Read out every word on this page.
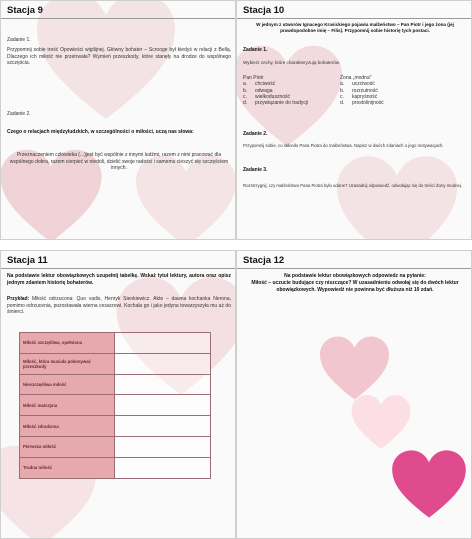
Stacja 9
Zadanie 1.
Przypomnij sobie treść Opowieści wigilijnej. Główny bohater – Scrooge był kiedyś w relacji z Bellą. Dlaczego ich miłość nie przetrwała? Wymień przeszkody, które stanęły na drodze do wspólnego szczęścia.
Zadanie 2.
Czego o relacjach międzyludzkich, w szczególności o miłości, uczą nas słowa:
Przeznaczeniem człowieka (...)jest być wspólnie z innymi ludźmi, razem z nimi pracować dla wspólnego dobra, razem cierpieć w niedoli, dzielić swoje radości i samemu cieszyć się szczęściem innych.
Stacja 10
W jednym z utworów Ignacego Krasickiego pojawia małżeństwo – Pan Piotr i jego żona (jej prawdopodobne imię – Filis). Przypomnij sobie historię tych postaci.
Zadanie 1.
Wybierz cechy, które charakteryzują bohaterów.
Pan Piotr	Żona „modna”
a.	chciwość	a.	uczciwość
b.	odwaga	b.	rozrzutność
c.	wielkoduszność	c.	kapryśność
d.	przywiązanie do tradycji	d.	prostolinijność
Zadanie 2.
Przypomnij sobie, co skłoniło Pana Piotra do małżeństwa. Napisz w dwóch zdaniach o jego motywacjach.
Zadanie 3.
Rozstrzygnij, czy małżeństwo Pana Piotra było udane? Uzasadnij odpowiedź, odwołując się do treści Żony modnej.
Stacja 11
Na podstawie lektur obowiązkowych uzupełnij tabelkę. Wskaż tytuł lektury, autora oraz opisz jednym zdaniem historię bohaterów.
Przykład: Miłość odrzucona: Quo vadis, Henryk Sienkiewicz. Akte – dawna kochanka Nerona, pomimo odrzucenia, pozostawała wierna cesarzowi. Kochała go i jako jedyna towarzyszyła mu aż do śmierci.
Miłość szczęśliwa, spełniona	
Miłość, która musiała pokonywać przeszkody	
Nieszczęśliwa miłość	
Miłość matczyna	
Miłość zdradzona	
Pierwsza miłość	
Trudna miłość	
Stacja 12
Na podstawie lektur obowiązkowych odpowiedz na pytanie:
Miłość – uczucie budujące czy niszczące? W uzasadnieniu odwołaj się do dwóch lektur obowiązkowych. Wypowiedź nie powinna być dłuższa niż 10 zdań.
